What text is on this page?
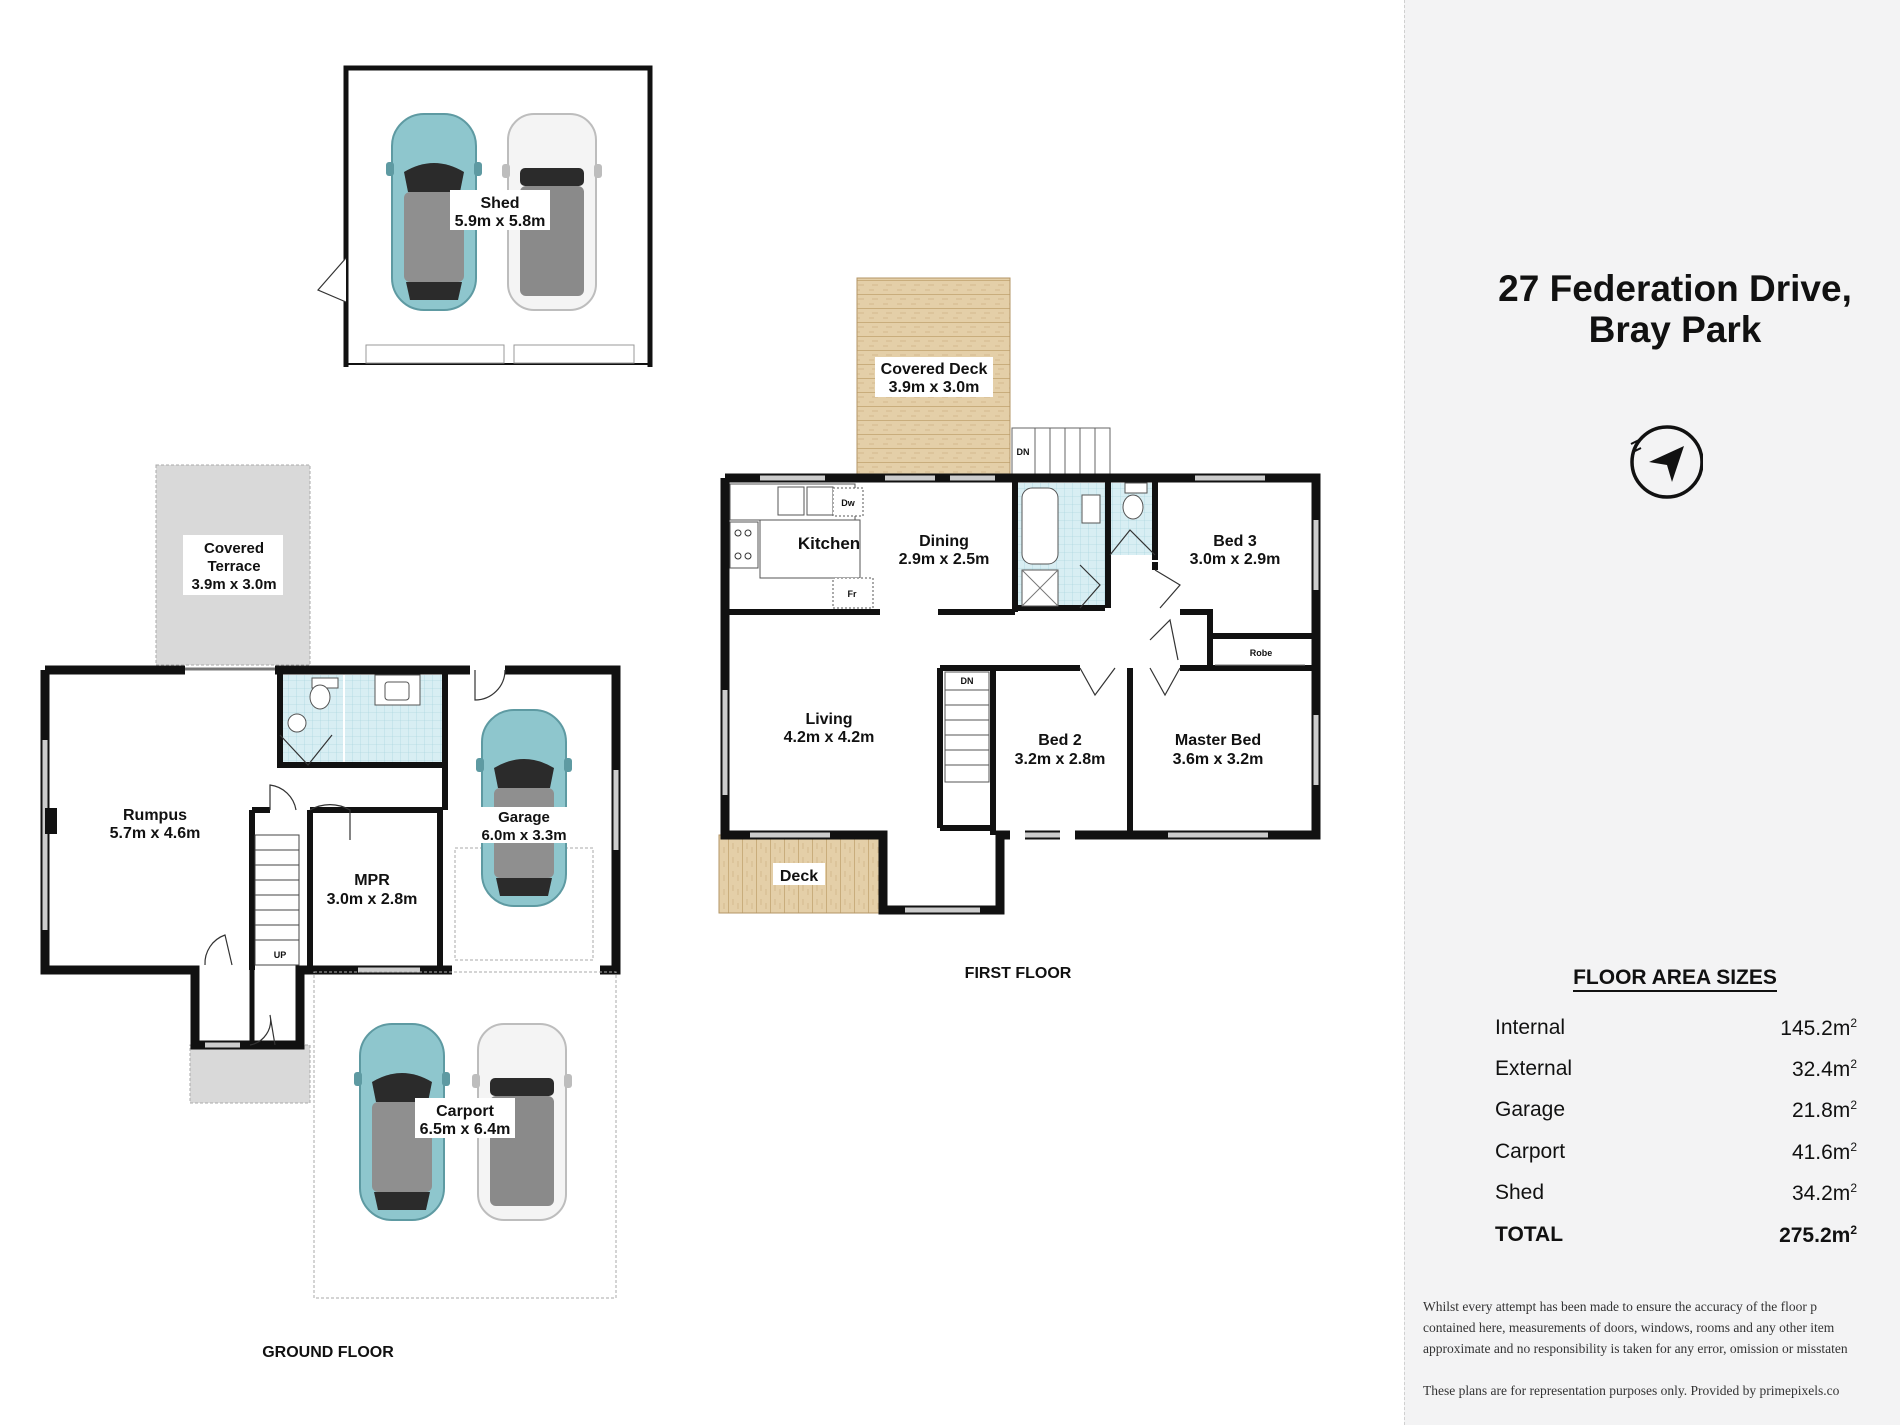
Shed
5.9m x 5.8m
Covered
Terrace
3.9m x 3.0m
UP
Garage
6.0m x 3.3m
Rumpus
5.7m x 4.6m
MPR
3.0m x 2.8m
Carport
6.5m x 6.4m
GROUND FLOOR
Covered Deck
3.9m x 3.0m
DN
Deck
DN
Dw
Fr
Robe
Kitchen	Dining
2.9m x 2.5m
Living
4.2m x 4.2m
Bed 3
3.0m x 2.9m
Bed 2
3.2m x 2.8m
Master Bed
3.6m x 3.2m
FIRST FLOOR
27 Federation Drive,
Bray Park
FLOOR AREA SIZES
Internal	$145.2m^2$
External	$32.4m^2$
Garage	$21.8m^2$
Carport	$41.6m^2$
Shed	$34.2m^2$
TOTAL	$275.2m^2$
Whilst every attempt has been made to ensure the accuracy of the floor p
contained here, measurements of doors, windows, rooms and any other item
approximate and no responsibility is taken for any error, omission or misstaten
These plans are for representation purposes only. Provided by primepixels.co
